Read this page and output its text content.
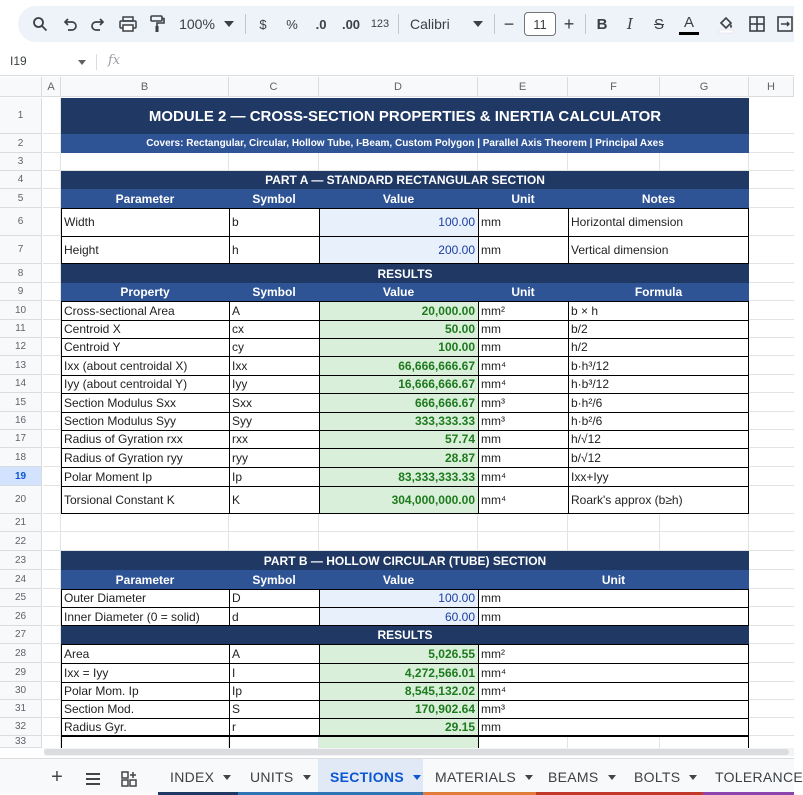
100%	$	%	.0	.00 123 Calibri	−	11 + B I S A
I19	fx
A	B	C	D	E	F	G	H
1
2
3
4
5
6
7
8
9
10
11
12
13
14
15
16
17
18
19
20
21
22
23
24
25
26
27
28
29
30
31
32
33
MODULE 2 — CROSS-SECTION PROPERTIES & INERTIA CALCULATOR
Covers: Rectangular, Circular, Hollow Tube, I-Beam, Custom Polygon | Parallel Axis Theorem | Principal Axes
PART A — STANDARD RECTANGULAR SECTION
Parameter	Symbol	Value	Unit	Notes
Width	b	100.00 mm	Horizontal dimension
Height	h	200.00 mm	Vertical dimension
RESULTS
Property	Symbol	Value	Unit	Formula
Cross-sectional Area	A	20,000.00 mm²	b × h
Centroid X	cx	50.00 mm	b/2
Centroid Y	cy	100.00 mm	h/2
Ixx (about centroidal X)	Ixx	66,666,666.67 mm⁴	b·h³/12
Iyy (about centroidal Y)	Iyy	16,666,666.67 mm⁴	h·b³/12
Section Modulus Sxx	Sxx	666,666.67 mm³	b·h²/6
Section Modulus Syy	Syy	333,333.33 mm³	h·b²/6
Radius of Gyration rxx	rxx	57.74 mm	h/√12
Radius of Gyration ryy	ryy	28.87 mm	b/√12
Polar Moment Ip	Ip	83,333,333.33 mm⁴	Ixx+Iyy
Torsional Constant K	K	304,000,000.00 mm⁴	Roark's approx (b≥h)
PART B — HOLLOW CIRCULAR (TUBE) SECTION
Parameter	Symbol	Value	Unit
Outer Diameter	D	100.00 mm
Inner Diameter (0 = solid)	d	60.00 mm
RESULTS
Area	A	5,026.55 mm²
Ixx = Iyy	I	4,272,566.01 mm⁴
Polar Mom. Ip	Ip	8,545,132.02 mm⁴
Section Mod.	S	170,902.64 mm³
Radius Gyr.	r	29.15 mm
+	INDEX	UNITS	SECTIONS MATERIALS BEAMS	BOLTS TOLERANCE
